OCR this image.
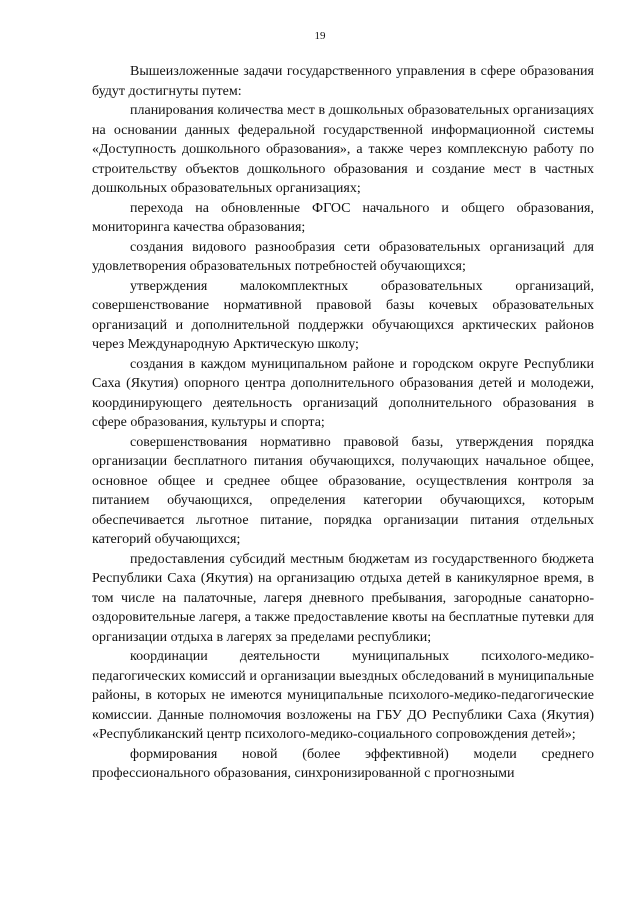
19

Вышеизложенные задачи государственного управления в сфере образования будут достигнуты путем:

планирования количества мест в дошкольных образовательных организациях на основании данных федеральной государственной информационной системы «Доступность дошкольного образования», а также через комплексную работу по строительству объектов дошкольного образования и создание мест в частных дошкольных образовательных организациях;

перехода на обновленные ФГОС начального и общего образования, мониторинга качества образования;

создания видового разнообразия сети образовательных организаций для удовлетворения образовательных потребностей обучающихся;

утверждения малокомплектных образовательных организаций, совершенствование нормативной правовой базы кочевых образовательных организаций и дополнительной поддержки обучающихся арктических районов через Международную Арктическую школу;

создания в каждом муниципальном районе и городском округе Республики Саха (Якутия) опорного центра дополнительного образования детей и молодежи, координирующего деятельность организаций дополнительного образования в сфере образования, культуры и спорта;

совершенствования нормативно правовой базы, утверждения порядка организации бесплатного питания обучающихся, получающих начальное общее, основное общее и среднее общее образование, осуществления контроля за питанием обучающихся, определения категории обучающихся, которым обеспечивается льготное питание, порядка организации питания отдельных категорий обучающихся;

предоставления субсидий местным бюджетам из государственного бюджета Республики Саха (Якутия) на организацию отдыха детей в каникулярное время, в том числе на палаточные, лагеря дневного пребывания, загородные санаторно-оздоровительные лагеря, а также предоставление квоты на бесплатные путевки для организации отдыха в лагерях за пределами республики;

координации деятельности муниципальных психолого-медико-педагогических комиссий и организации выездных обследований в муниципальные районы, в которых не имеются муниципальные психолого-медико-педагогические комиссии. Данные полномочия возложены на ГБУ ДО Республики Саха (Якутия) «Республиканский центр психолого-медико-социального сопровождения детей»;

формирования новой (более эффективной) модели среднего профессионального образования, синхронизированной с прогнозными
